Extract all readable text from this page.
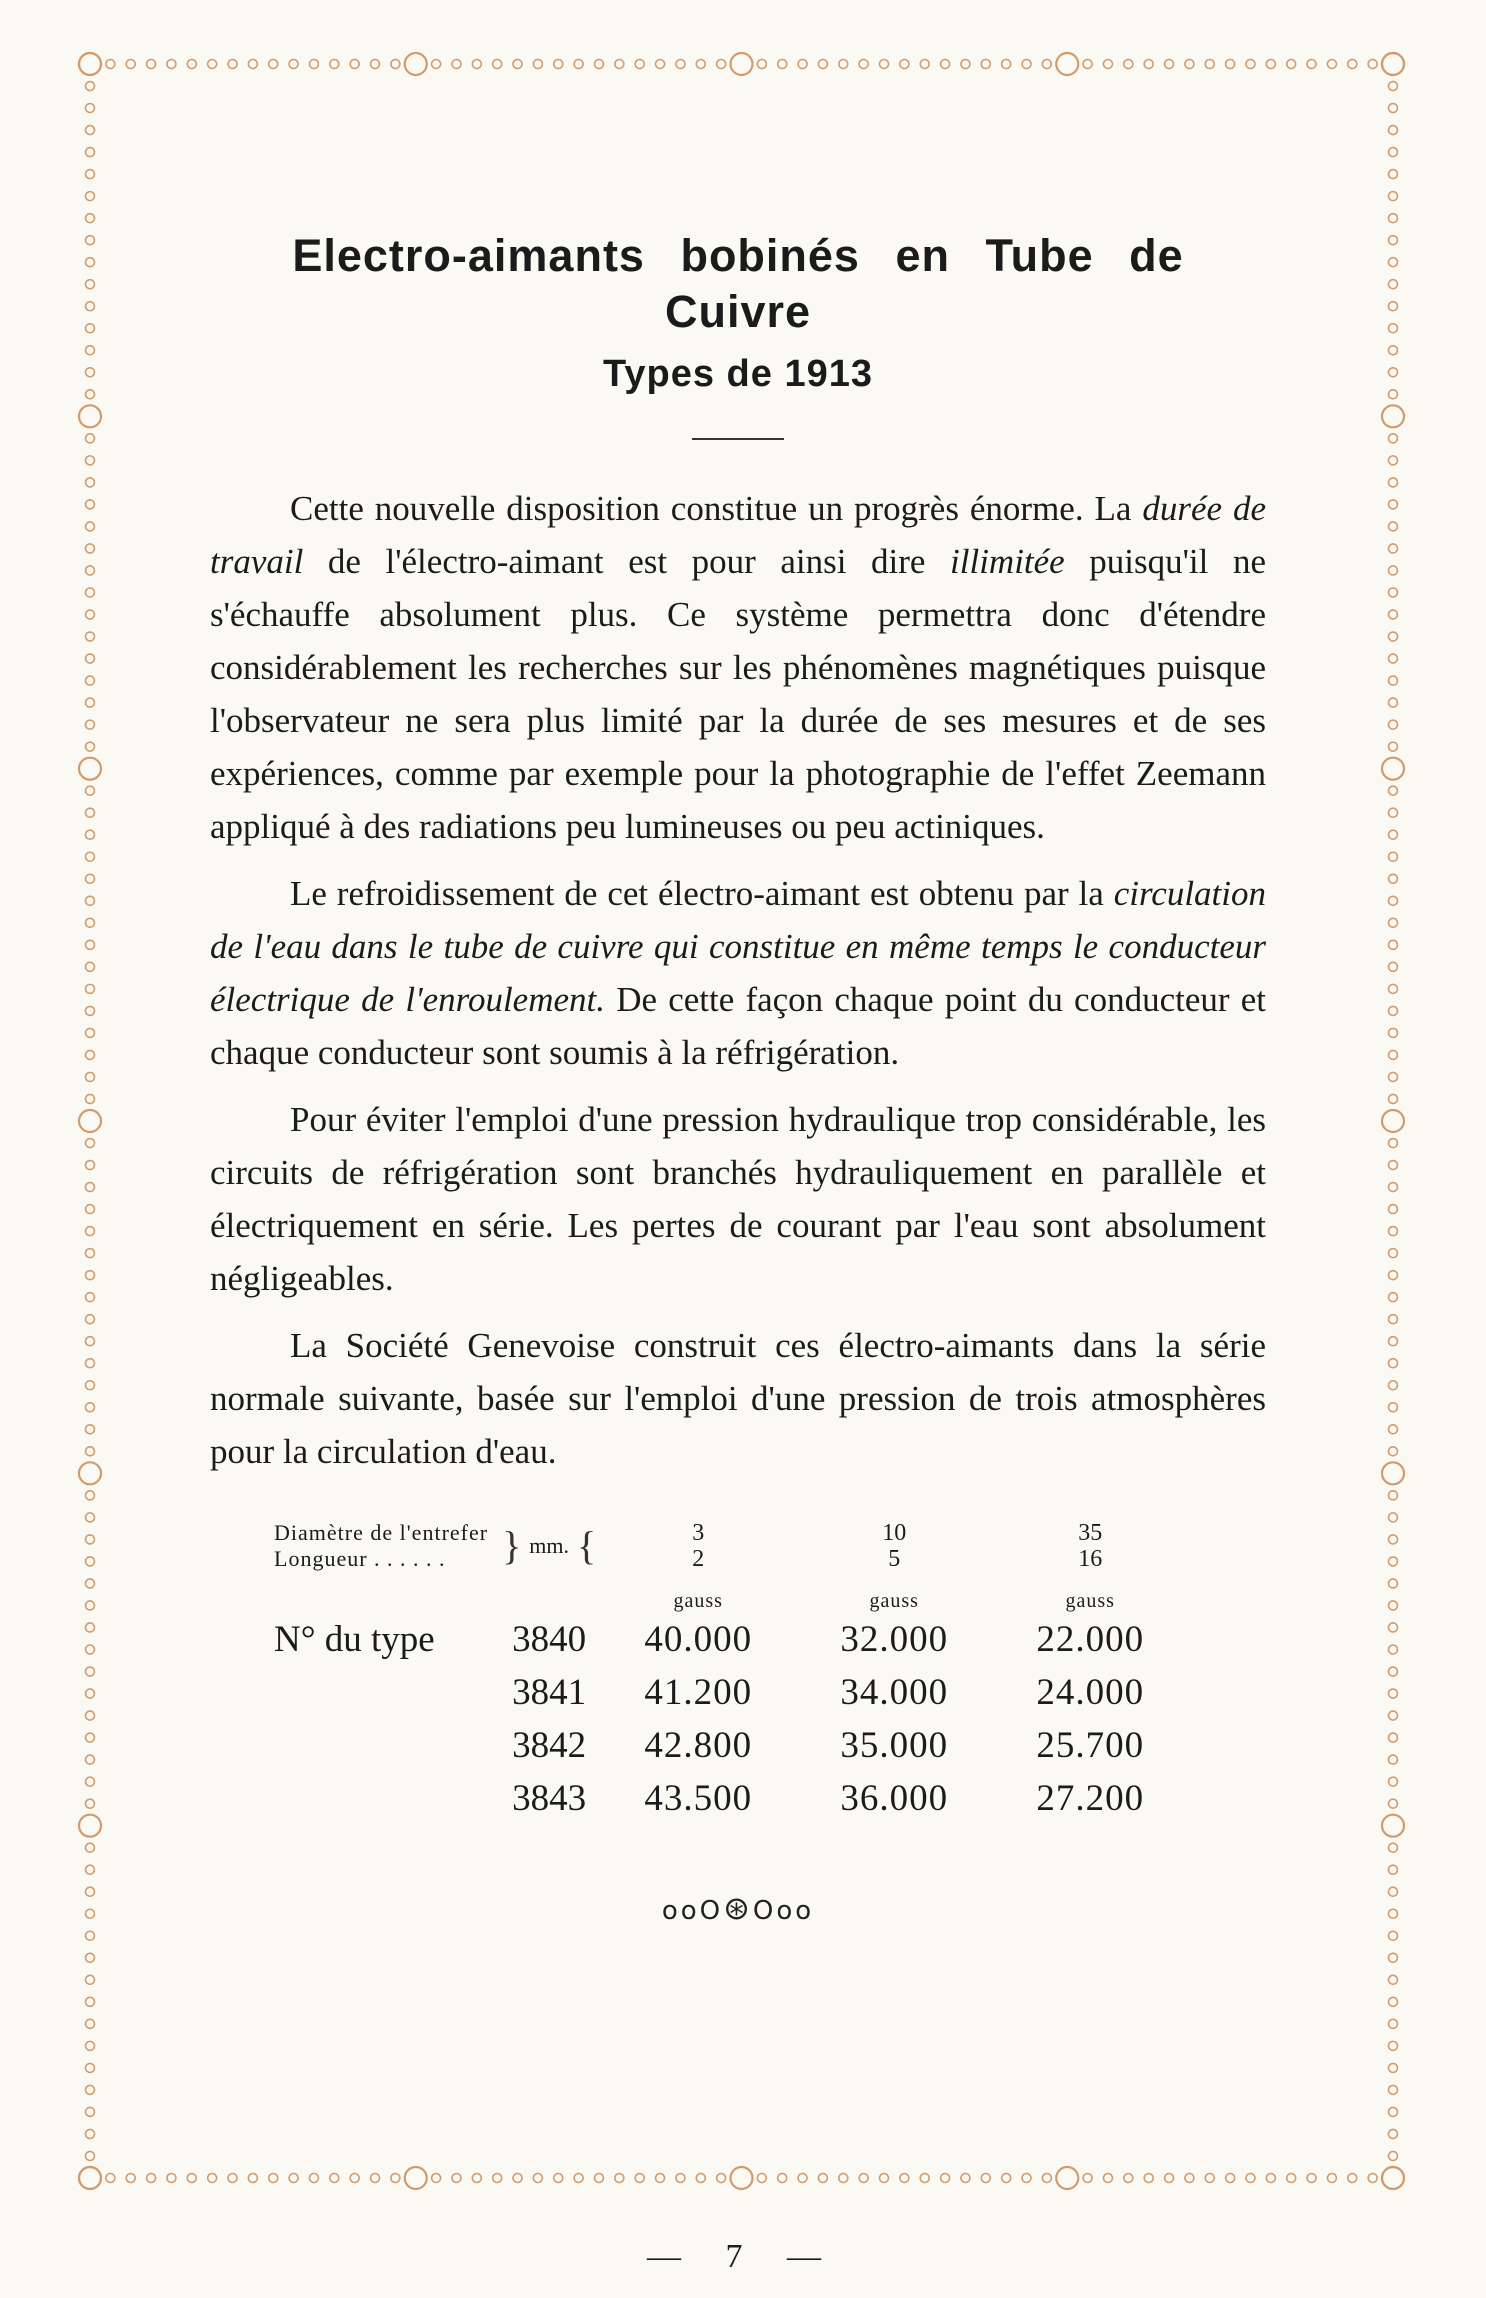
Electro-aimants bobinés en Tube de Cuivre
Types de 1913

Cette nouvelle disposition constitue un progrès énorme. La durée de travail de l'électro-aimant est pour ainsi dire illimitée puisqu'il ne s'échauffe absolument plus. Ce système permettra donc d'étendre considérablement les recherches sur les phénomènes magnétiques puisque l'observateur ne sera plus limité par la durée de ses mesures et de ses expériences, comme par exemple pour la photographie de l'effet Zeemann appliqué à des radiations peu lumineuses ou peu actiniques.

Le refroidissement de cet électro-aimant est obtenu par la circulation de l'eau dans le tube de cuivre qui constitue en même temps le conducteur électrique de l'enroulement. De cette façon chaque point du conducteur et chaque conducteur sont soumis à la réfrigération.

Pour éviter l'emploi d'une pression hydraulique trop considérable, les circuits de réfrigération sont branchés hydrauliquement en parallèle et électriquement en série. Les pertes de courant par l'eau sont absolument négligeables.

La Société Genevoise construit ces électro-aimants dans la série normale suivante, basée sur l'emploi d'une pression de trois atmosphères pour la circulation d'eau.

Diamètre de l'entrefer	}	mm.	{	3	10	35
Longueur . . . . . .				2	5	16
				gauss	gauss	gauss
N° du type	3840			40.000	32.000	22.000
	3841			41.200	34.000	24.000
	3842			42.800	35.000	25.700
	3843			43.500	36.000	27.200
ooO⊛Ooo
— 7 —
